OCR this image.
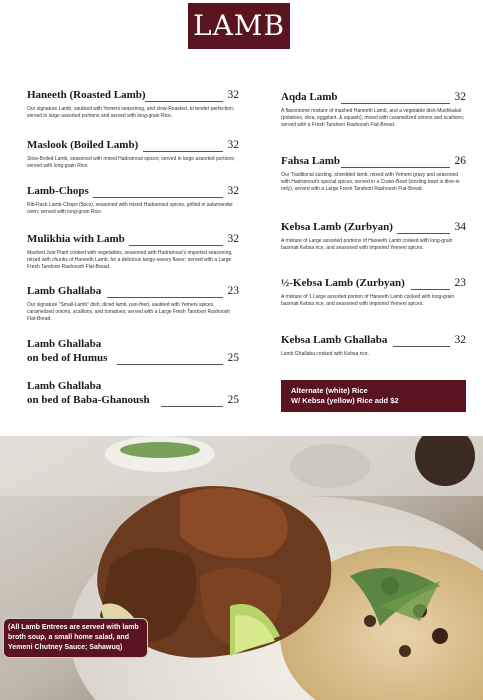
LAMB
Haneeth (Roasted Lamb)	32
Our signature Lamb, sautéed with Yemeni seasoning, and slow-Roasted, to tender perfection; served in large assorted portions and served with long-grain Rice.
Maslook (Boiled Lamb)	32
Slow-Boiled Lamb, seasoned with mixed Hadramout spices; served in large assorted portions; served with long-grain Rice.
Lamb-Chops	32
Rib-Rack Lamb-Chops (5pcs), seasoned with mixed Hadramout spices, grilled in salamander oven; served with long-grain Rice.
Mulikhia with Lamb	32
Mashed Jute Plant cooked with vegetables, seasoned with Hadramout's imported seasoning, mixed with chunks of Haneeth Lamb, for a delicious tangy-savory flavor; served with a Large Fresh Tandoori Rashoosh Flat-Bread.
Lamb Ghallaba	23
Our signature "Small-Lamb" dish; diced lamb, pan-fried, sautéed with Yemeni spices, caramelized onions, scallions, and tomatoes; served with a Large Fresh Tandoori Rashoosh Flat-Bread.
Lamb Ghallaba
on bed of Humus	25
Lamb Ghallaba
on bed of Baba-Ghanoush	25
Aqda Lamb	32
A flavorsome mixture of mashed Haneeth Lamb, and a vegetable dish-Mushkakal (potatoes, okra, eggplant, & squash), mixed with caramelized onions and scallions; served with a Fresh Tandoori Rashoosh Flat-Bread.
Fahsa Lamb	26
Our Traditional sizzling, shredded lamb, mixed with Yemeni gravy and seasoned with Hadramout's special spices, served in a Crater-Bowl (sizzling bowl is dine-in only); served with a Large Fresh Tandoori Rashoosh Flat-Bread.
Kebsa Lamb (Zurbyan)	34
A mixture of Large assorted portions of Haneeth Lamb cooked with long-grain basmati Kebsa rice, and seasoned with imported Yemeni spices.
½-Kebsa Lamb (Zurbyan)	23
A mixture of 1 Large assorted portion of Haneeth Lamb cooked with long-grain basmati Kebsa rice, and seasoned with imported Yemeni spices.
Kebsa Lamb Ghallaba	32
Lamb Ghallaba cooked with Kebsa rice.
Alternate (white) Rice
W/ Kebsa (yellow) Rice add $2
(All Lamb Entrees are served with lamb broth soup, a small home salad, and Yemeni Chutney Sauce; Sahawuq)
